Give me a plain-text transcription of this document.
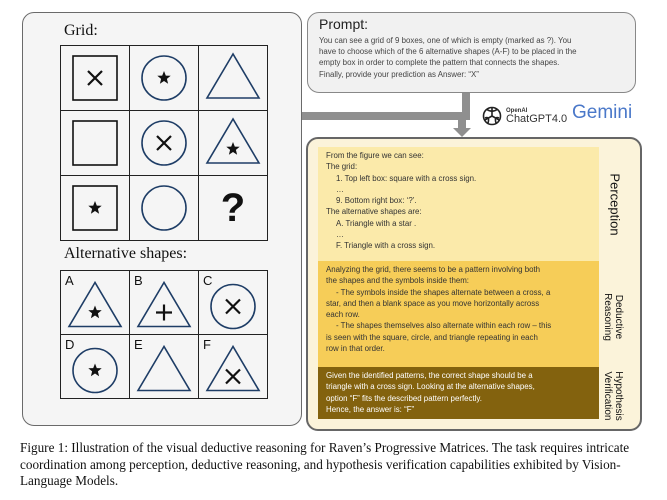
Grid:

?
Alternative shapes:
A	B	C

D	E	F
Prompt:
You can see a grid of 9 boxes, one of which is empty (marked as ?). You
have to choose which of the 6 alternative shapes (A-F) to be placed in the
empty box in order to complete the pattern that connects the shapes.
Finally, provide your prediction as Answer: “X”
OpenAI
ChatGPT4.0 Gemini
From the figure we can see:
The grid:
1. Top left box: square with a cross sign.
…
9. Bottom right box: ‘?’.
The alternative shapes are:
A. Triangle with a star .
…
F. Triangle with a cross sign.
Analyzing the grid, there seems to be a pattern involving both
the shapes and the symbols inside them:
- The symbols inside the shapes alternate between a cross, a
star, and then a blank space as you move horizontally across
each row.
- The shapes themselves also alternate within each row – this
is seen with the square, circle, and triangle repeating in each
row in that order.
Given the identified patterns, the correct shape should be a
triangle with a cross sign. Looking at the alternative shapes,
option “F” fits the described pattern perfectly.
Hence, the answer is: “F”
Perception
Deductive
Reasoning
Hypothesis
Verification
Figure 1: Illustration of the visual deductive reasoning for Raven’s Progressive Matrices. The task requires intricate coordination among perception, deductive reasoning, and hypothesis verification capabilities exhibited by Vision-Language Models.
